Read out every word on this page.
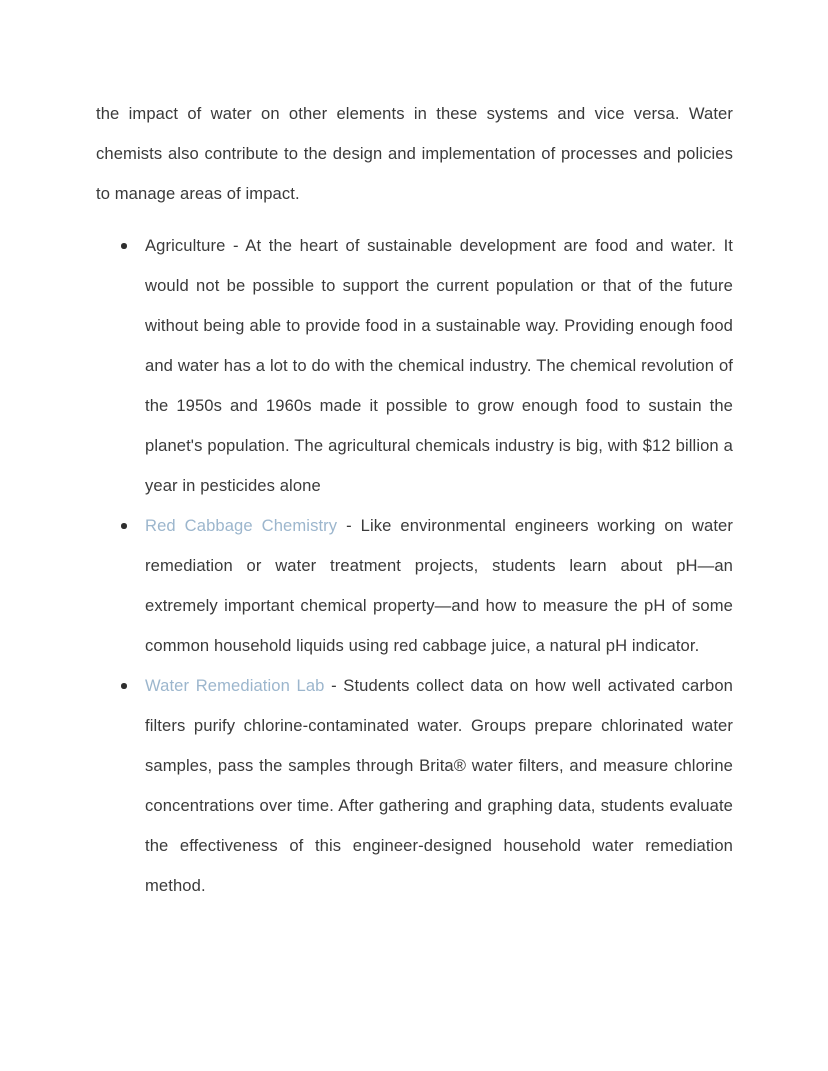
the impact of water on other elements in these systems and vice versa. Water chemists also contribute to the design and implementation of processes and policies to manage areas of impact.

Agriculture - At the heart of sustainable development are food and water. It would not be possible to support the current population or that of the future without being able to provide food in a sustainable way. Providing enough food and water has a lot to do with the chemical industry. The chemical revolution of the 1950s and 1960s made it possible to grow enough food to sustain the planet's population. The agricultural chemicals industry is big, with $12 billion a year in pesticides alone
Red Cabbage Chemistry - Like environmental engineers working on water remediation or water treatment projects, students learn about pH—an extremely important chemical property—and how to measure the pH of some common household liquids using red cabbage juice, a natural pH indicator.
Water Remediation Lab - Students collect data on how well activated carbon filters purify chlorine-contaminated water. Groups prepare chlorinated water samples, pass the samples through Brita® water filters, and measure chlorine concentrations over time. After gathering and graphing data, students evaluate the effectiveness of this engineer-designed household water remediation method.
